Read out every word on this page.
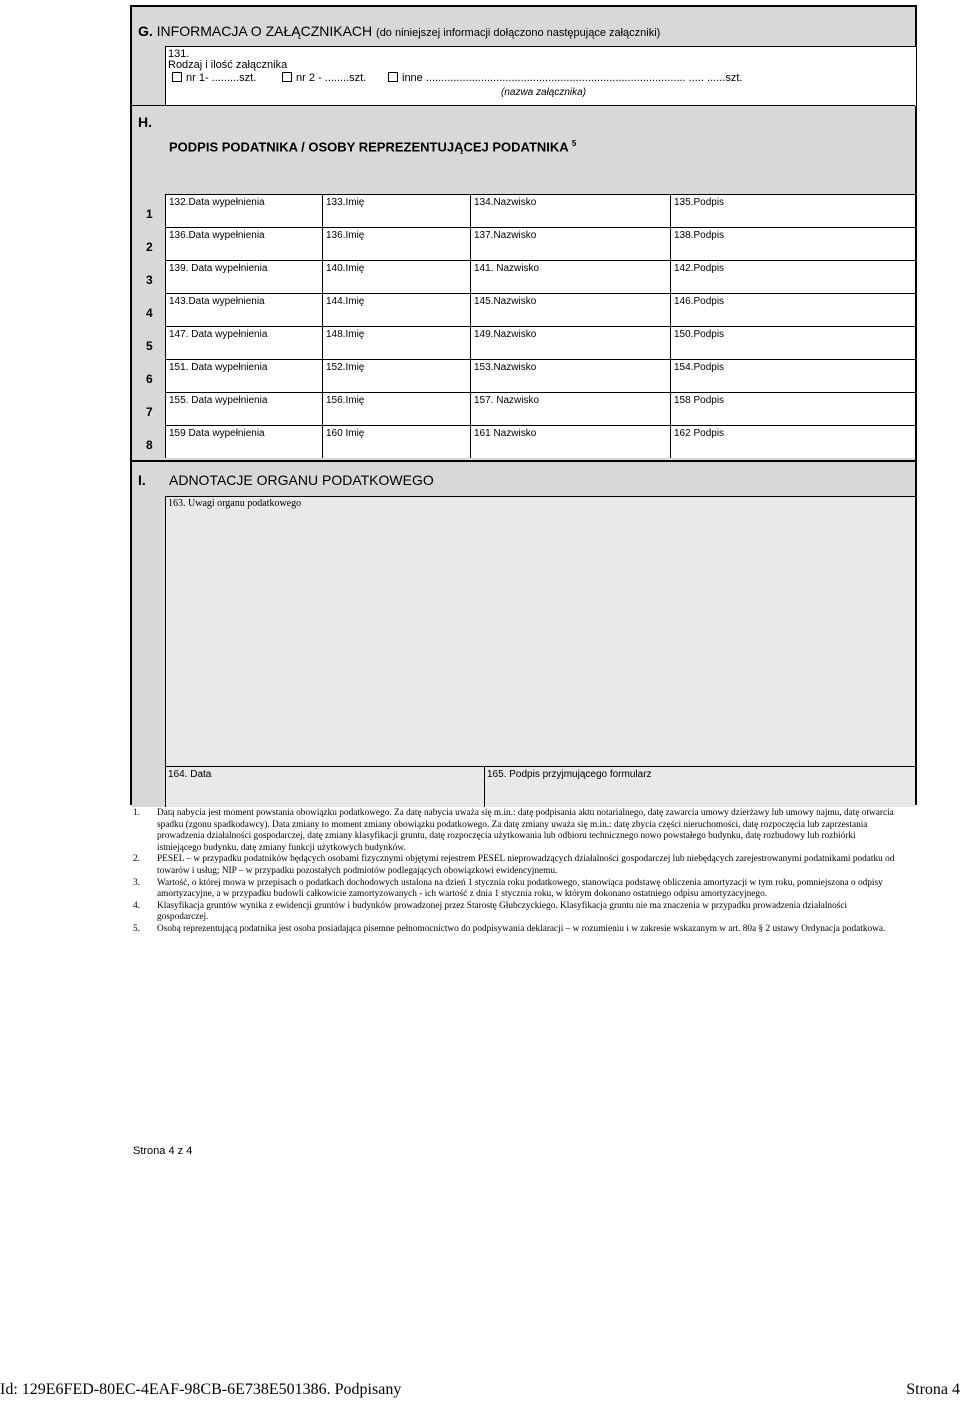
G. INFORMACJA O ZAŁĄCZNIKACH (do niniejszej informacji dołączono następujące załączniki)
131.
Rodzaj i ilość załącznika
nr 1- .........szt.	nr 2 - ........szt.	inne ..................................................................................... ..... ......szt.
(nazwa załącznika)
H.
PODPIS PODATNIKA / OSOBY REPREZENTUJĄCEJ PODATNIKA $^5$
132.Data wypełnienia	133.Imię	134.Nazwisko	135.Podpis
136.Data wypełnienia	136.Imię	137.Nazwisko	138.Podpis
139. Data wypełnienia	140.Imię	141. Nazwisko	142.Podpis
143.Data wypełnienia	144.Imię	145.Nazwisko	146.Podpis
147. Data wypełnienia	148.Imię	149.Nazwisko	150.Podpis
151. Data wypełnienia	152.Imię	153.Nazwisko	154.Podpis
155. Data wypełnienia	156.Imię	157. Nazwisko	158 Podpis
159 Data wypełnienia	160 Imię	161 Nazwisko	162 Podpis
1
2
3
4
5
6
7
8
I. ADNOTACJE ORGANU PODATKOWEGO
163. Uwagi organu podatkowego
164. Data	165. Podpis przyjmującego formularz
1. Datą nabycia jest moment powstania obowiązku podatkowego. Za datę nabycia uważa się m.in.: datę podpisania aktu notarialnego, datę zawarcia umowy dzierżawy lub umowy najmu, datę otwarcia spadku (zgonu spadkodawcy). Data zmiany to moment zmiany obowiązku podatkowego. Za datę zmiany uważa się m.in.: datę zbycia części nieruchomości, datę rozpoczęcia lub zaprzestania prowadzenia działalności gospodarczej, datę zmiany klasyfikacji gruntu, datę rozpoczęcia użytkowania lub odbioru technicznego nowo powstałego budynku, datę rozbudowy lub rozbiórki istniejącego budynku, datę zmiany funkcji użytkowych budynków.
2. PESEL – w przypadku podatników będących osobami fizycznymi objętymi rejestrem PESEL nieprowadzących działalności gospodarczej lub niebędących zarejestrowanymi podatnikami podatku od towarów i usług; NIP – w przypadku pozostałych podmiotów podlegających obowiązkowi ewidencyjnemu.
3. Wartość, o której mowa w przepisach o podatkach dochodowych ustalona na dzień 1 stycznia roku podatkowego, stanowiąca podstawę obliczenia amortyzacji w tym roku, pomniejszona o odpisy amortyzacyjne, a w przypadku budowli całkowicie zamortyzowanych - ich wartość z dnia 1 stycznia roku, w którym dokonano ostatniego odpisu amortyzacyjnego.
4. Klasyfikacja gruntów wynika z ewidencji gruntów i budynków prowadzonej przez Starostę Głubczyckiego. Klasyfikacja gruntu nie ma znaczenia w przypadku prowadzenia działalności gospodarczej.
5. Osobą reprezentującą podatnika jest osoba posiadająca pisemne pełnomocnictwo do podpisywania deklaracji – w rozumieniu i w zakresie wskazanym w art. 80a § 2 ustawy Ordynacja podatkowa.
Strona 4 z 4
Id: 129E6FED-80EC-4EAF-98CB-6E738E501386. Podpisany	Strona 4
